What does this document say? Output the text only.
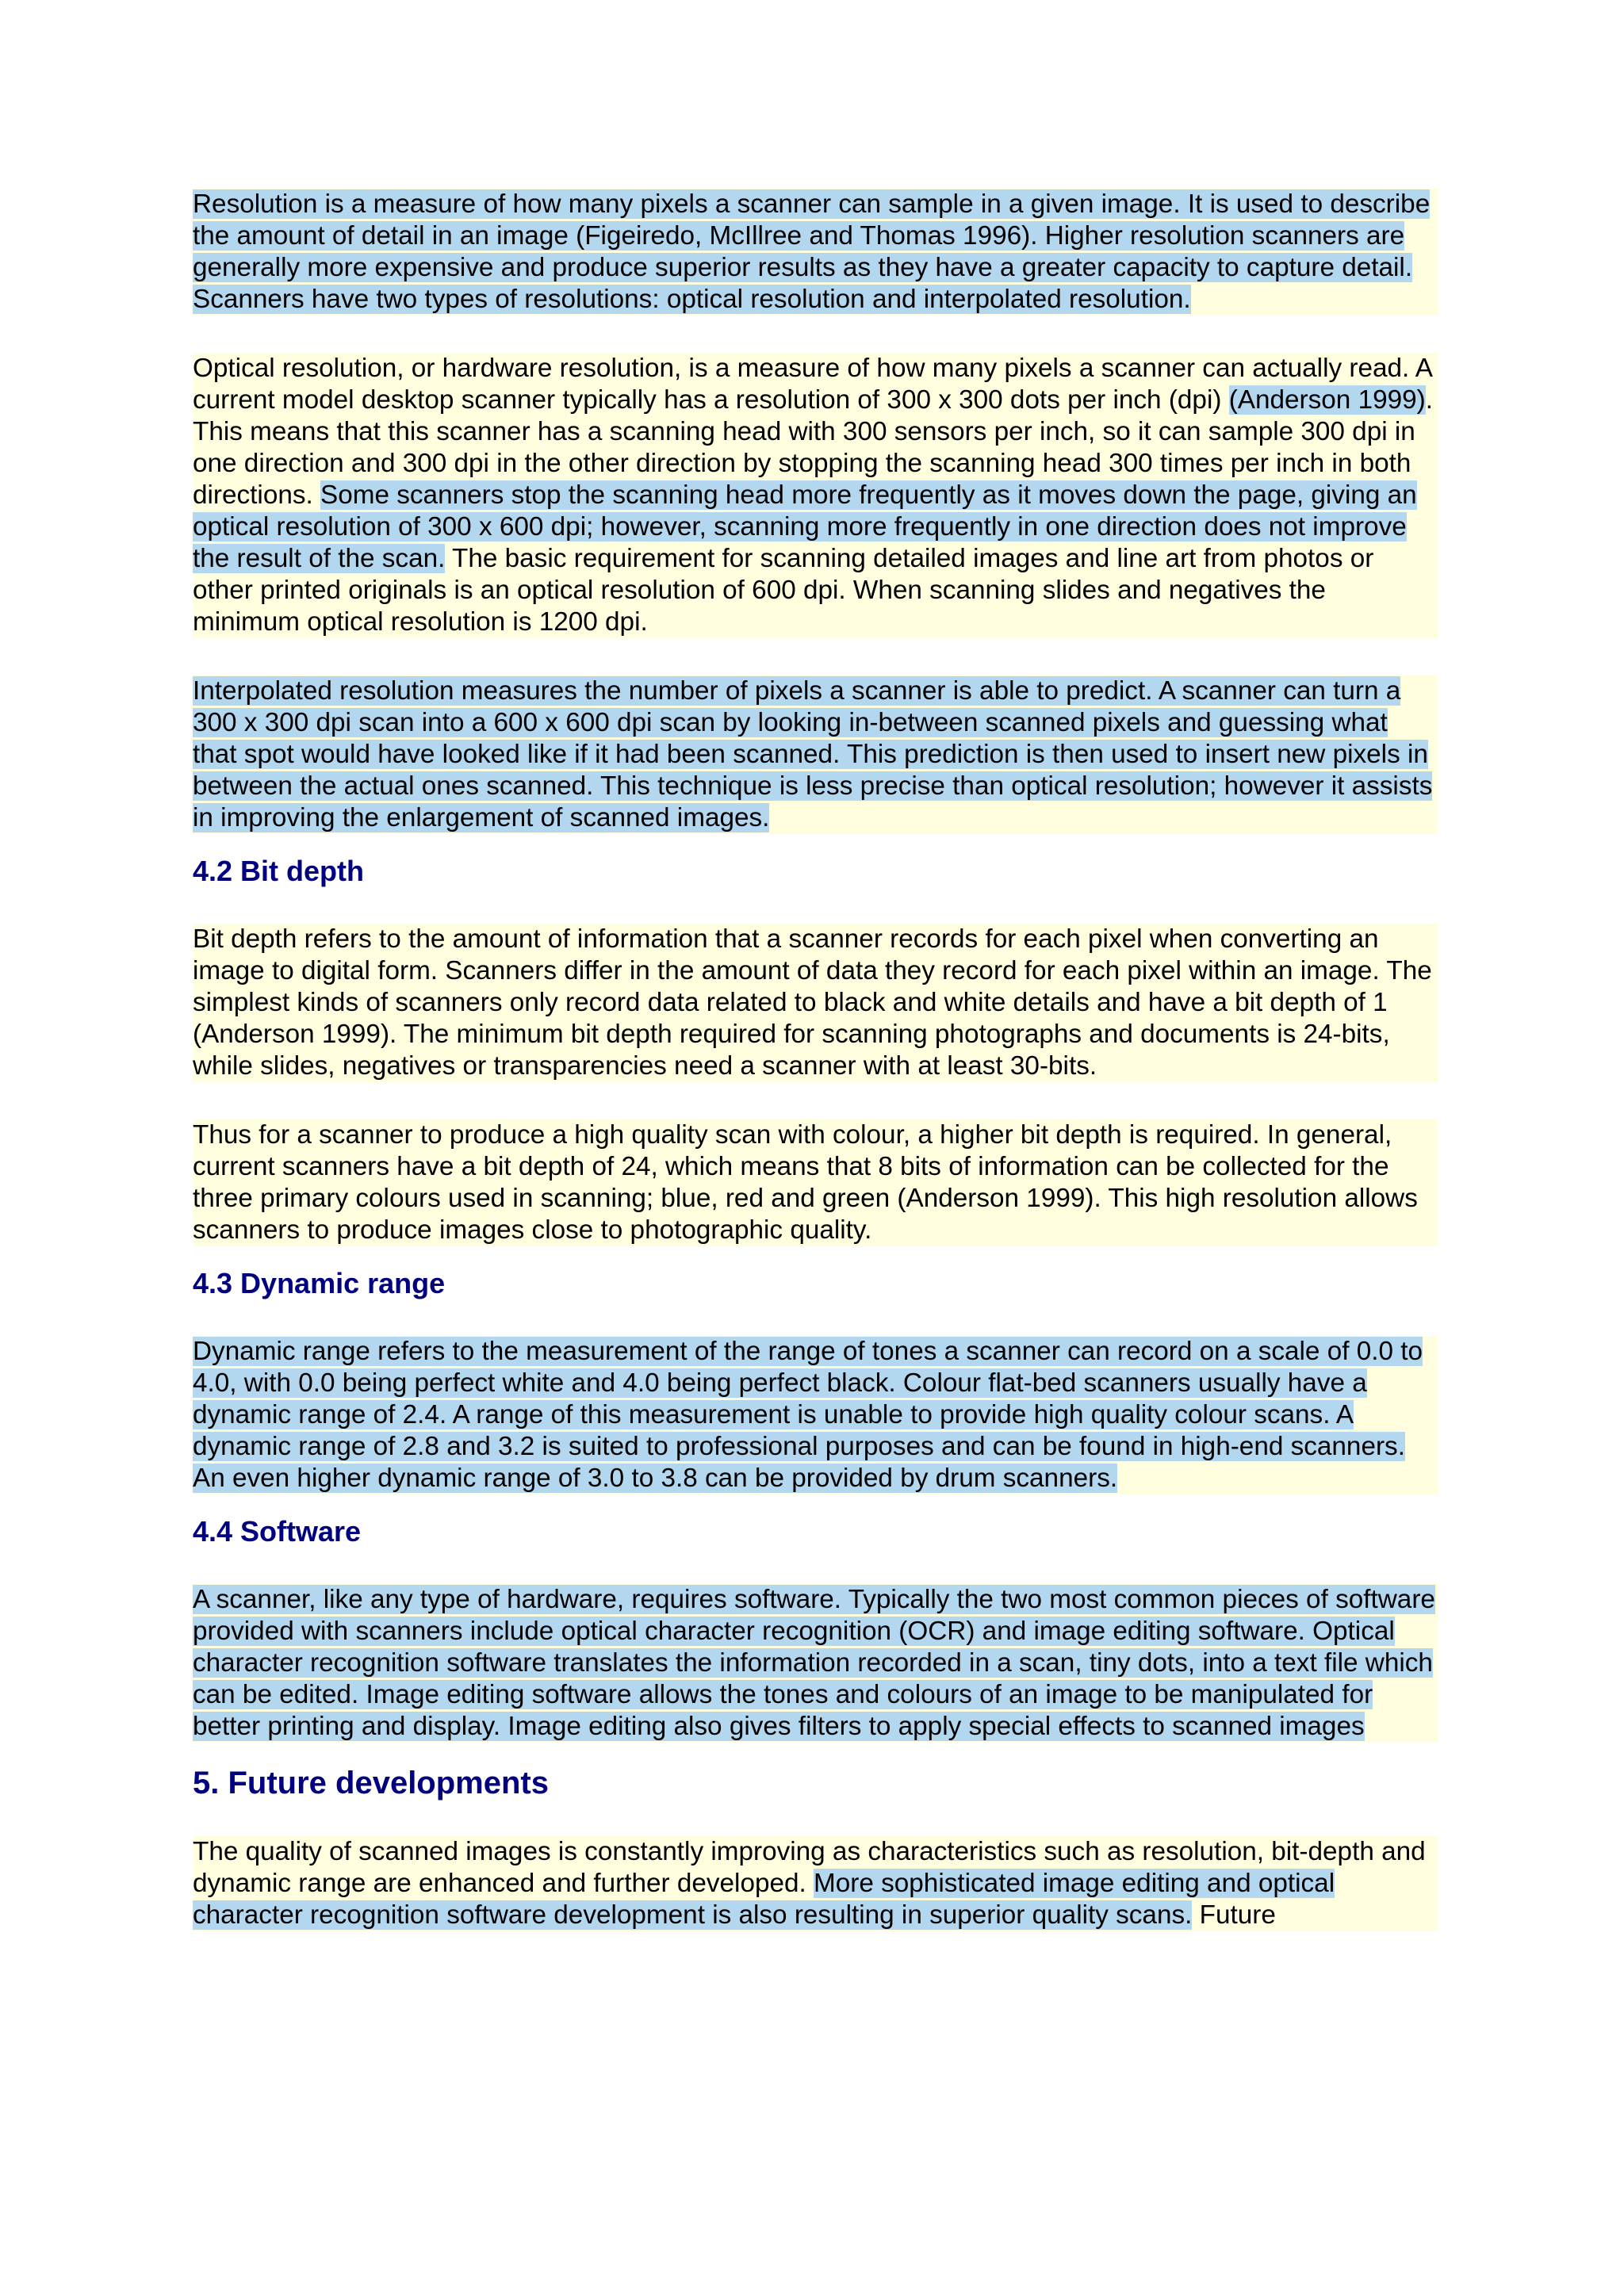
Resolution is a measure of how many pixels a scanner can sample in a given image. It is used to describe the amount of detail in an image (Figeiredo, McIllree and Thomas 1996). Higher resolution scanners are generally more expensive and produce superior results as they have a greater capacity to capture detail. Scanners have two types of resolutions: optical resolution and interpolated resolution.

Optical resolution, or hardware resolution, is a measure of how many pixels a scanner can actually read. A current model desktop scanner typically has a resolution of 300 x 300 dots per inch (dpi) (Anderson 1999). This means that this scanner has a scanning head with 300 sensors per inch, so it can sample 300 dpi in one direction and 300 dpi in the other direction by stopping the scanning head 300 times per inch in both directions. Some scanners stop the scanning head more frequently as it moves down the page, giving an optical resolution of 300 x 600 dpi; however, scanning more frequently in one direction does not improve the result of the scan. The basic requirement for scanning detailed images and line art from photos or other printed originals is an optical resolution of 600 dpi. When scanning slides and negatives the minimum optical resolution is 1200 dpi.

Interpolated resolution measures the number of pixels a scanner is able to predict. A scanner can turn a 300 x 300 dpi scan into a 600 x 600 dpi scan by looking in-between scanned pixels and guessing what that spot would have looked like if it had been scanned. This prediction is then used to insert new pixels in between the actual ones scanned. This technique is less precise than optical resolution; however it assists in improving the enlargement of scanned images.

4.2 Bit depth

Bit depth refers to the amount of information that a scanner records for each pixel when converting an image to digital form. Scanners differ in the amount of data they record for each pixel within an image. The simplest kinds of scanners only record data related to black and white details and have a bit depth of 1 (Anderson 1999). The minimum bit depth required for scanning photographs and documents is 24-bits, while slides, negatives or transparencies need a scanner with at least 30-bits.

Thus for a scanner to produce a high quality scan with colour, a higher bit depth is required. In general, current scanners have a bit depth of 24, which means that 8 bits of information can be collected for the three primary colours used in scanning; blue, red and green (Anderson 1999). This high resolution allows scanners to produce images close to photographic quality.

4.3 Dynamic range

Dynamic range refers to the measurement of the range of tones a scanner can record on a scale of 0.0 to 4.0, with 0.0 being perfect white and 4.0 being perfect black. Colour flat-bed scanners usually have a dynamic range of 2.4. A range of this measurement is unable to provide high quality colour scans. A dynamic range of 2.8 and 3.2 is suited to professional purposes and can be found in high-end scanners. An even higher dynamic range of 3.0 to 3.8 can be provided by drum scanners.

4.4 Software

A scanner, like any type of hardware, requires software. Typically the two most common pieces of software provided with scanners include optical character recognition (OCR) and image editing software. Optical character recognition software translates the information recorded in a scan, tiny dots, into a text file which can be edited. Image editing software allows the tones and colours of an image to be manipulated for better printing and display. Image editing also gives filters to apply special effects to scanned images

5. Future developments

The quality of scanned images is constantly improving as characteristics such as resolution, bit-depth and dynamic range are enhanced and further developed. More sophisticated image editing and optical character recognition software development is also resulting in superior quality scans. Future
